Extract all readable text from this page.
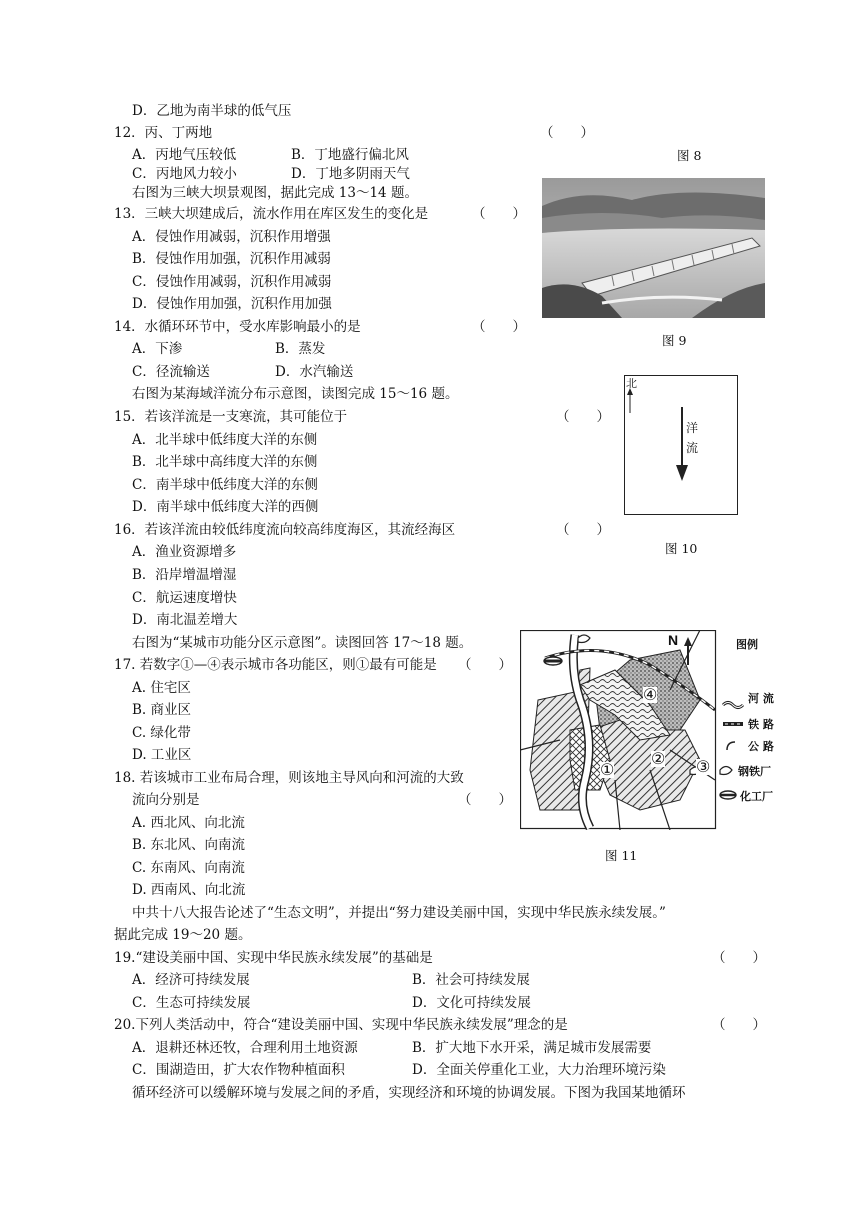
D．乙地为南半球的低气压
12．丙、丁两地
A．丙地气压较低	B．丁地盛行偏北风
C．丙地风力较小	D．丁地多阴雨天气
右图为三峡大坝景观图，据此完成 13～14 题。
13．三峡大坝建成后，流水作用在库区发生的变化是
A．侵蚀作用减弱，沉积作用增强
B．侵蚀作用加强，沉积作用减弱
C．侵蚀作用减弱，沉积作用减弱
D．侵蚀作用加强，沉积作用加强
14．水循环环节中，受水库影响最小的是
A．下渗	B．蒸发
C．径流输送	D．水汽输送
右图为某海域洋流分布示意图，读图完成 15～16 题。
15．若该洋流是一支寒流，其可能位于
A．北半球中低纬度大洋的东侧
B．北半球中高纬度大洋的东侧
C．南半球中低纬度大洋的东侧
D．南半球中低纬度大洋的西侧
16．若该洋流由较低纬度流向较高纬度海区，其流经海区
A．渔业资源增多
B．沿岸增温增湿
C．航运速度增快
D．南北温差增大
右图为“某城市功能分区示意图”。读图回答 17～18 题。
17. 若数字①—④表示城市各功能区，则①最有可能是
A. 住宅区
B. 商业区
C. 绿化带
D. 工业区
18. 若该城市工业布局合理，则该地主导风向和河流的大致
流向分别是
A. 西北风、向北流
B. 东北风、向南流
C. 东南风、向南流
D. 西南风、向北流
中共十八大报告论述了“生态文明”，并提出“努力建设美丽中国，实现中华民族永续发展。”
据此完成 19～20 题。
19.“建设美丽中国、实现中华民族永续发展”的基础是
A．经济可持续发展	B．社会可持续发展
C．生态可持续发展	D．文化可持续发展
20.下列人类活动中，符合“建设美丽中国、实现中华民族永续发展”理念的是
A．退耕还林还牧，合理利用土地资源	B．扩大地下水开采，满足城市发展需要
C．围湖造田，扩大农作物种植面积	D．全面关停重化工业，大力治理环境污染
循环经济可以缓解环境与发展之间的矛盾，实现经济和环境的协调发展。下图为我国某地循环
（　　）
（　　）
（　　）
（　　）
（　　）
（　　）
（　　）
（　　）
（　　）
图 8
图 9
图 10
图 11
北
洋
流
①
② ③
④
N	图例
河 流
铁 路
公 路
钢铁厂
化工厂
